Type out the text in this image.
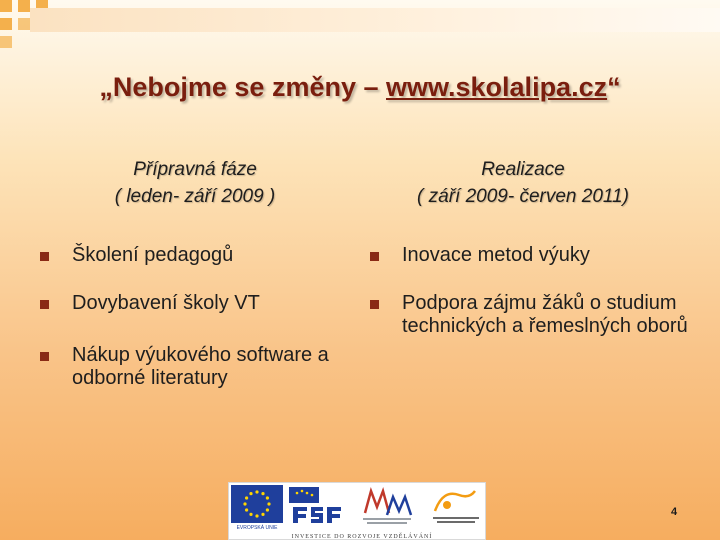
„Nebojme se změny – www.skolalipa.cz“
Přípravná fáze
( leden- září 2009 )
Realizace
( září 2009- červen 2011)
Školení pedagogů
Dovybavení školy VT
Nákup výukového software a odborné literatury
Inovace metod výuky
Podpora zájmu žáků o studium technických a řemeslných oborů
EVROPSKÁ UNIE
INVESTICE DO ROZVOJE VZDĚLÁVÁNÍ
4
